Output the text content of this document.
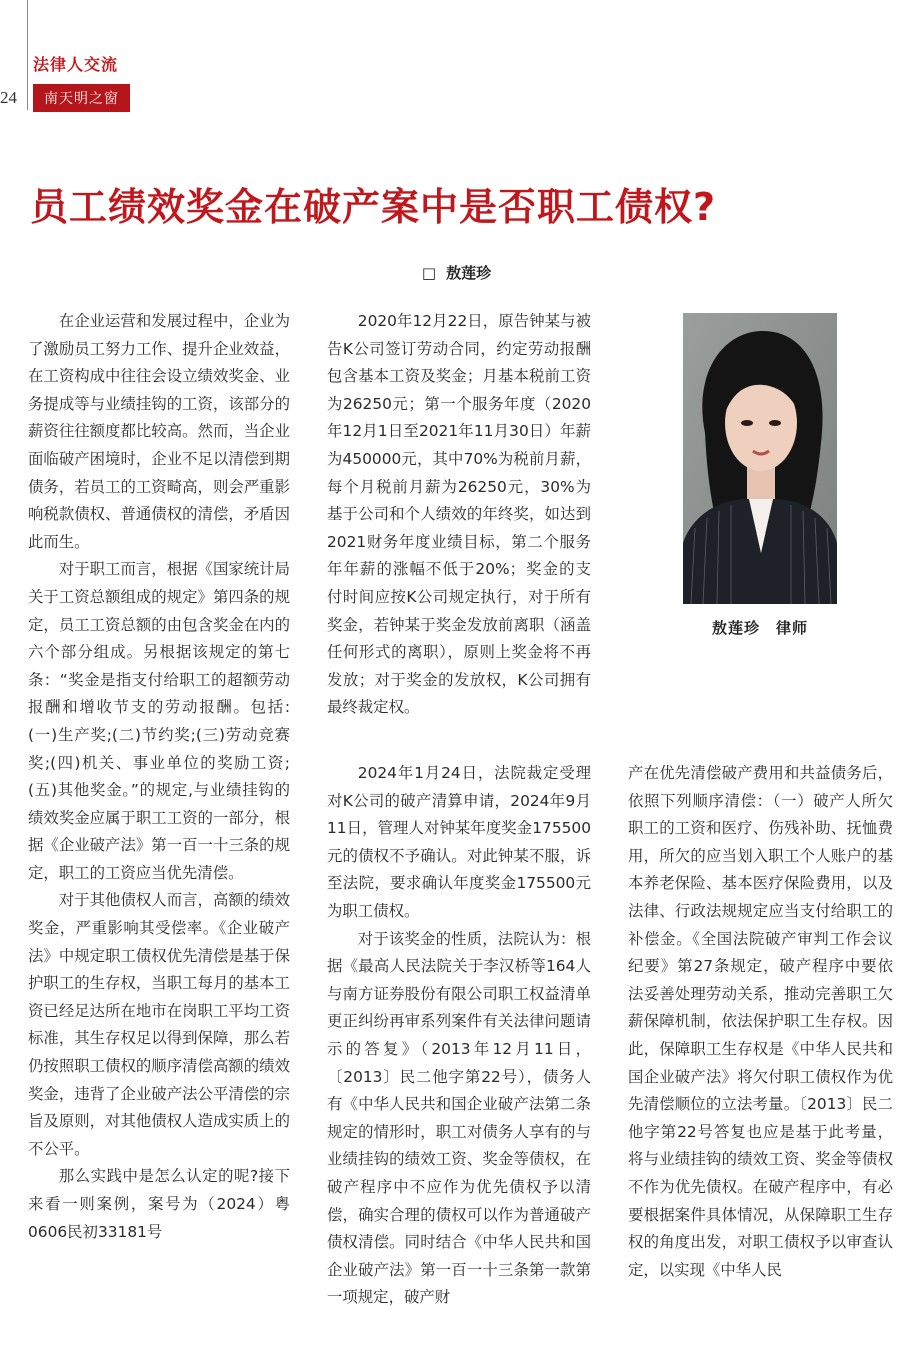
24
法律人交流
南天明之窗
员工绩效奖金在破产案中是否职工债权?
□ 敖莲珍

在企业运营和发展过程中，企业为了激励员工努力工作、提升企业效益，在工资构成中往往会设立绩效奖金、业务提成等与业绩挂钩的工资，该部分的薪资往往额度都比较高。然而，当企业面临破产困境时，企业不足以清偿到期债务，若员工的工资畸高，则会严重影响税款债权、普通债权的清偿，矛盾因此而生。

对于职工而言，根据《国家统计局关于工资总额组成的规定》第四条的规定，员工工资总额的由包含奖金在内的六个部分组成。另根据该规定的第七条：“奖金是指支付给职工的超额劳动报酬和增收节支的劳动报酬。包括:(一)生产奖;(二)节约奖;(三)劳动竞赛奖;(四)机关、事业单位的奖励工资;(五)其他奖金。”的规定,与业绩挂钩的绩效奖金应属于职工工资的一部分，根据《企业破产法》第一百一十三条的规定，职工的工资应当优先清偿。

对于其他债权人而言，高额的绩效奖金，严重影响其受偿率。《企业破产法》中规定职工债权优先清偿是基于保护职工的生存权，当职工每月的基本工资已经足达所在地市在岗职工平均工资标准，其生存权足以得到保障，那么若仍按照职工债权的顺序清偿高额的绩效奖金，违背了企业破产法公平清偿的宗旨及原则，对其他债权人造成实质上的不公平。

那么实践中是怎么认定的呢?接下来看一则案例，案号为（2024）粤0606民初33181号

2020年12月22日，原告钟某与被告K公司签订劳动合同，约定劳动报酬包含基本工资及奖金；月基本税前工资为26250元；第一个服务年度（2020年12月1日至2021年11月30日）年薪为450000元，其中70%为税前月薪，每个月税前月薪为26250元，30%为基于公司和个人绩效的年终奖，如达到2021财务年度业绩目标，第二个服务年年薪的涨幅不低于20%；奖金的支付时间应按K公司规定执行，对于所有奖金，若钟某于奖金发放前离职（涵盖任何形式的离职），原则上奖金将不再发放；对于奖金的发放权，K公司拥有最终裁定权。

2024年1月24日，法院裁定受理对K公司的破产清算申请，2024年9月11日，管理人对钟某年度奖金175500元的债权不予确认。对此钟某不服，诉至法院，要求确认年度奖金175500元为职工债权。

对于该奖金的性质，法院认为：根据《最高人民法院关于李汉桥等164人与南方证券股份有限公司职工权益清单更正纠纷再审系列案件有关法律问题请示的答复》（2013年12月11日，〔2013〕民二他字第22号），债务人有《中华人民共和国企业破产法第二条规定的情形时，职工对债务人享有的与业绩挂钩的绩效工资、奖金等债权，在破产程序中不应作为优先债权予以清偿，确实合理的债权可以作为普通破产债权清偿。同时结合《中华人民共和国企业破产法》第一百一十三条第一款第一项规定，破产财

敖莲珍　律师

产在优先清偿破产费用和共益债务后，依照下列顺序清偿：（一）破产人所欠职工的工资和医疗、伤残补助、抚恤费用，所欠的应当划入职工个人账户的基本养老保险、基本医疗保险费用，以及法律、行政法规规定应当支付给职工的补偿金。《全国法院破产审判工作会议纪要》第27条规定，破产程序中要依法妥善处理劳动关系，推动完善职工欠薪保障机制，依法保护职工生存权。因此，保障职工生存权是《中华人民共和国企业破产法》将欠付职工债权作为优先清偿顺位的立法考量。〔2013〕民二他字第22号答复也应是基于此考量，将与业绩挂钩的绩效工资、奖金等债权不作为优先债权。在破产程序中，有必要根据案件具体情况，从保障职工生存权的角度出发，对职工债权予以审查认定，以实现《中华人民
